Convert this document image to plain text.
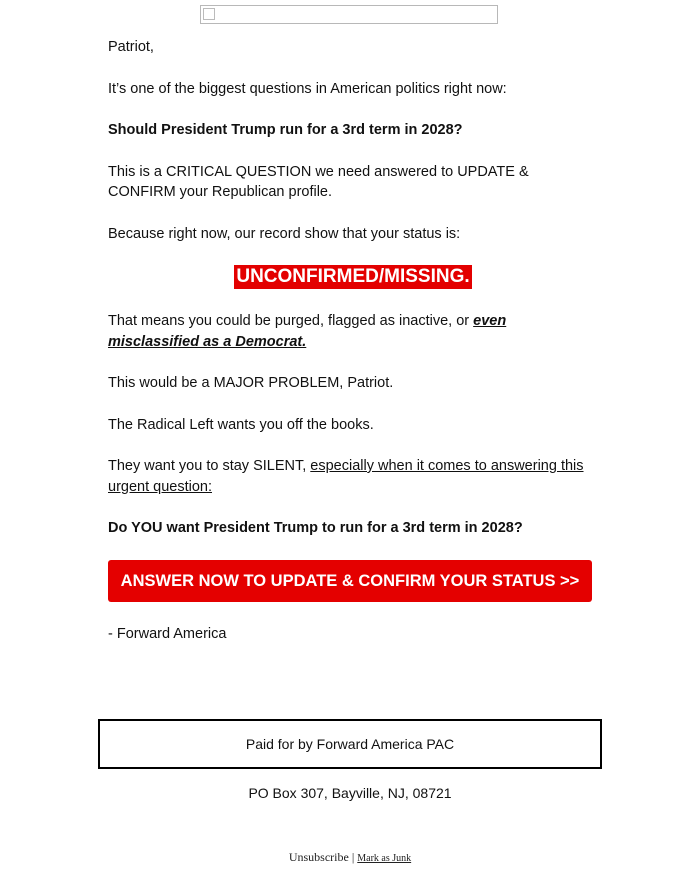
Patriot,

It’s one of the biggest questions in American politics right now:

Should President Trump run for a 3rd term in 2028?

This is a CRITICAL QUESTION we need answered to UPDATE & CONFIRM your Republican profile.

Because right now, our record show that your status is:

UNCONFIRMED/MISSING.

That means you could be purged, flagged as inactive, or even misclassified as a Democrat.

This would be a MAJOR PROBLEM, Patriot.

The Radical Left wants you off the books.

They want you to stay SILENT, especially when it comes to answering this urgent question:

Do YOU want President Trump to run for a 3rd term in 2028?

ANSWER NOW TO UPDATE & CONFIRM YOUR STATUS >>

- Forward America

Paid for by Forward America PAC
PO Box 307, Bayville, NJ, 08721
Unsubscribe | Mark as Junk
